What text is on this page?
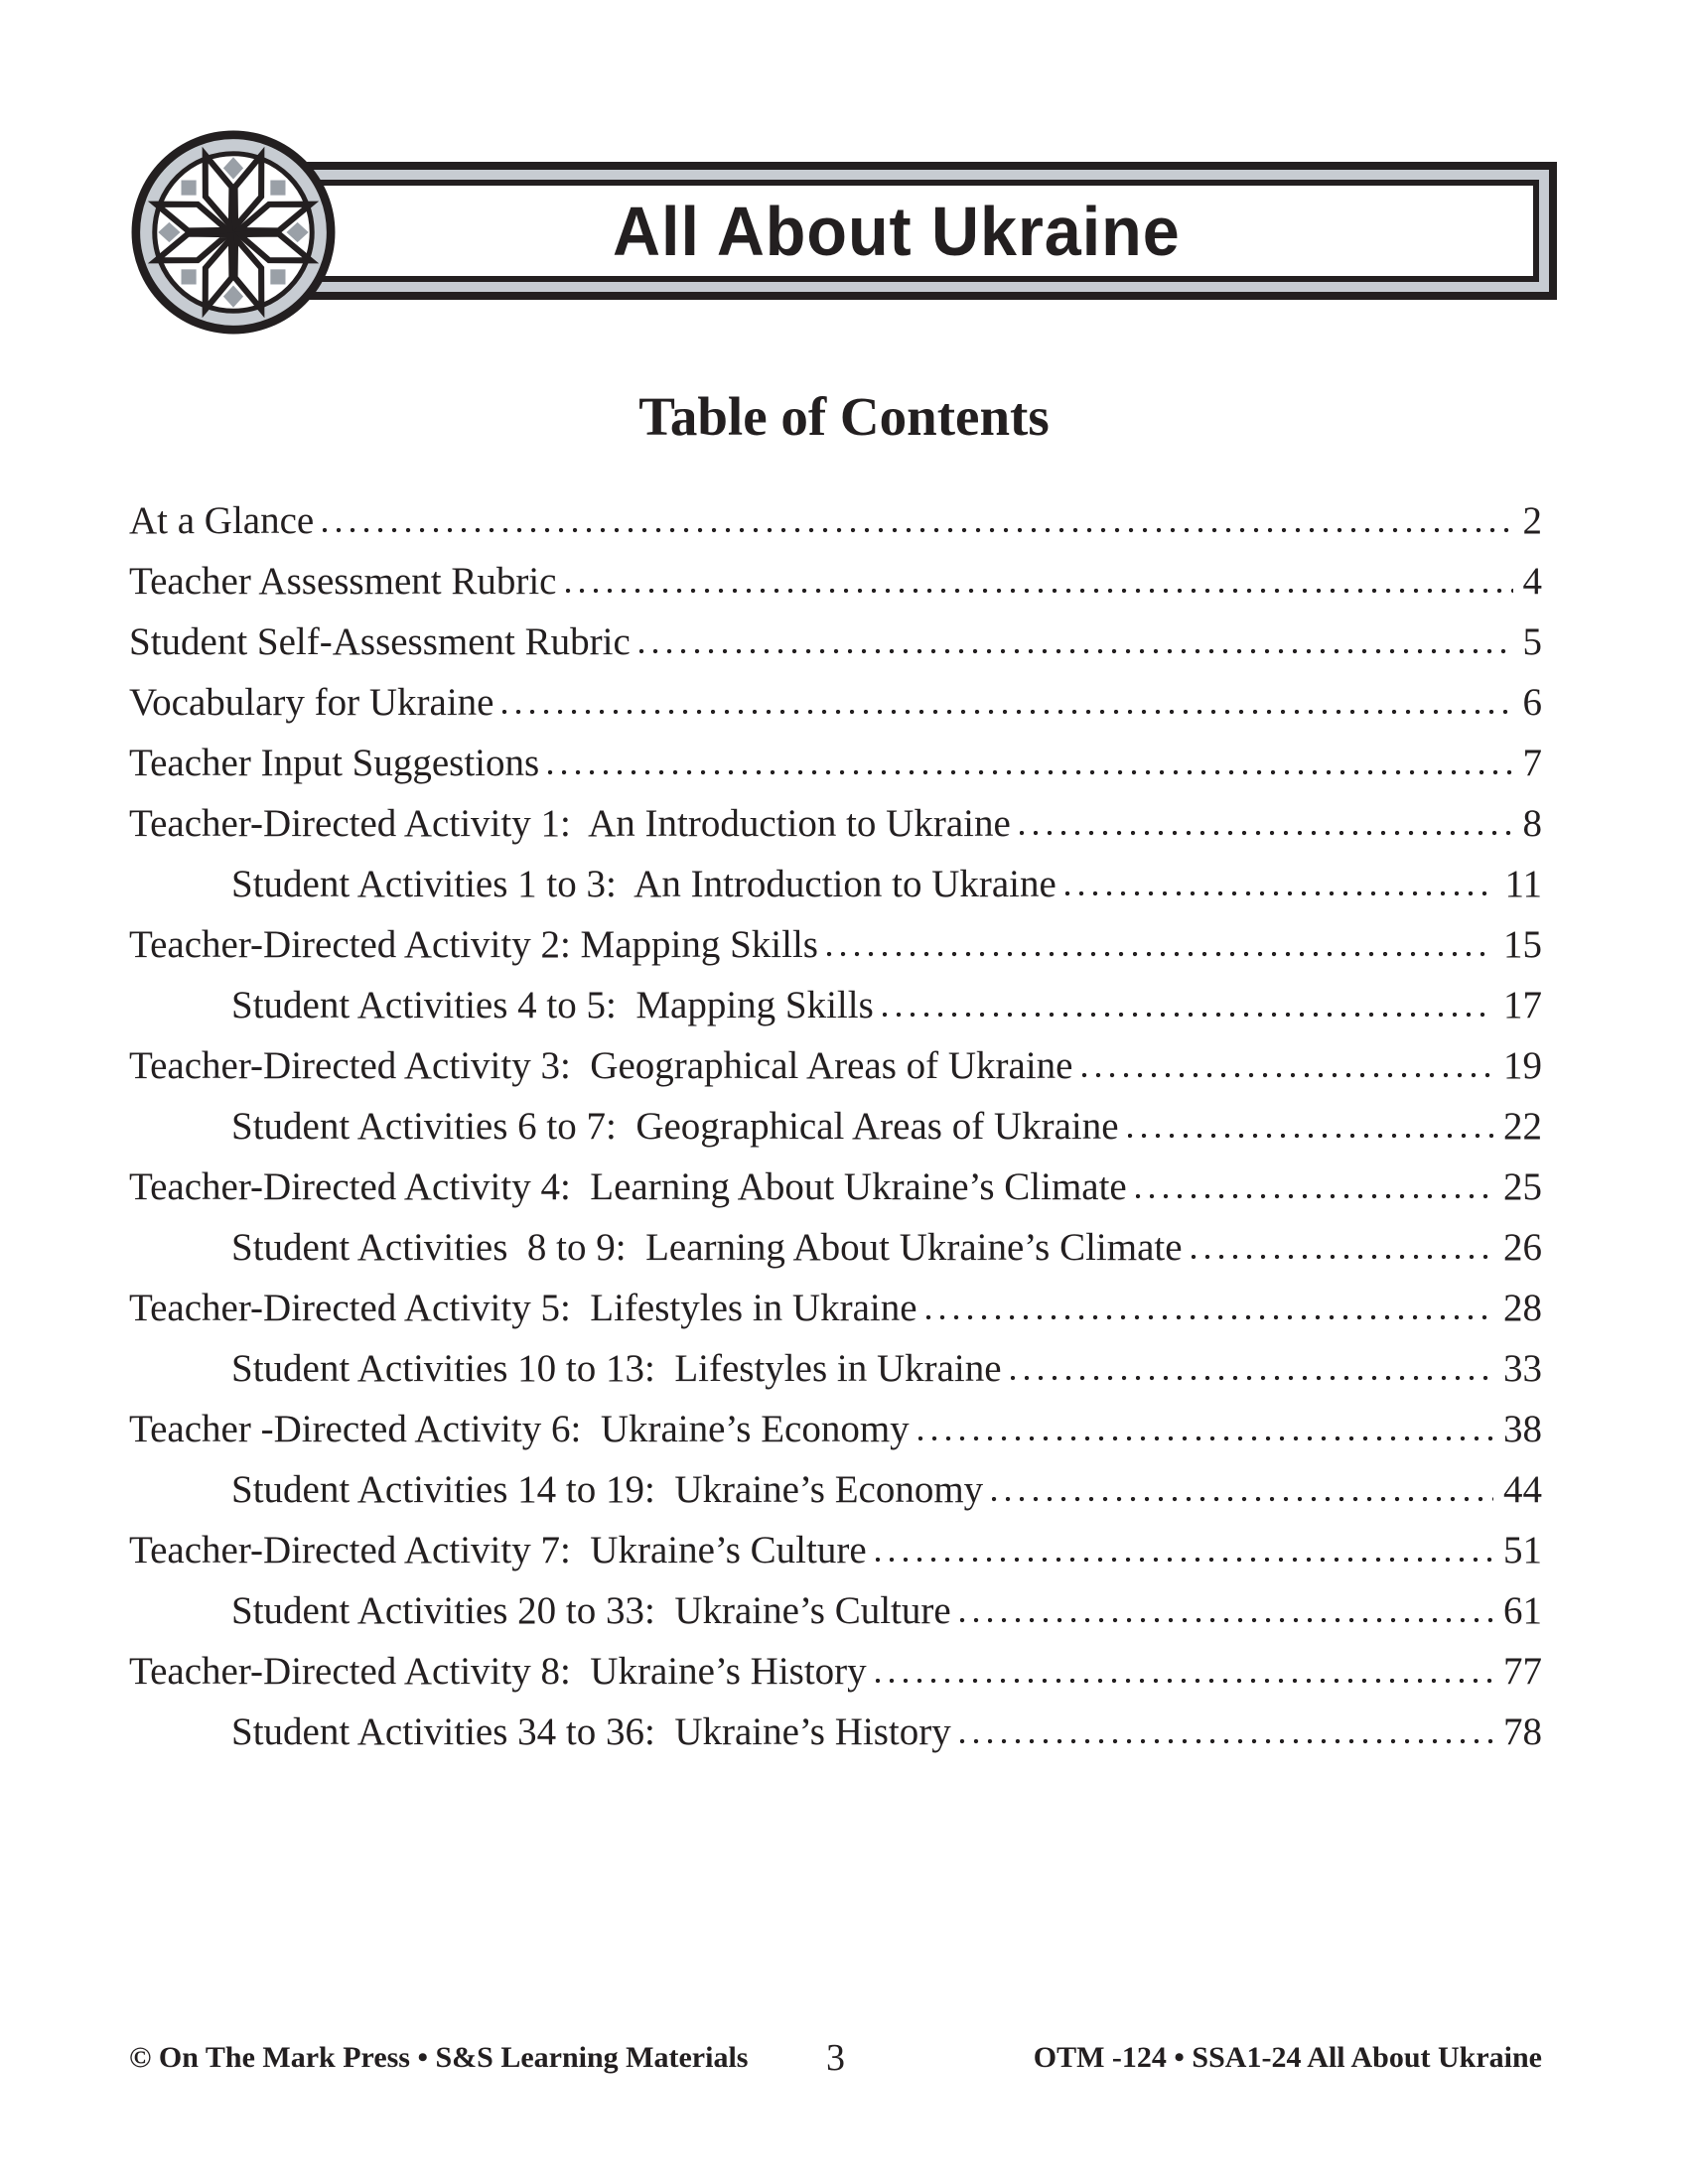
All About Ukraine
Table of Contents
At a Glance	2
Teacher Assessment Rubric	4
Student Self-Assessment Rubric	5
Vocabulary for Ukraine	6
Teacher Input Suggestions	7
Teacher-Directed Activity 1:  An Introduction to Ukraine	8
Student Activities 1 to 3:  An Introduction to Ukraine	11
Teacher-Directed Activity 2: Mapping Skills	15
Student Activities 4 to 5:  Mapping Skills	17
Teacher-Directed Activity 3:  Geographical Areas of Ukraine	19
Student Activities 6 to 7:  Geographical Areas of Ukraine	22
Teacher-Directed Activity 4:  Learning About Ukraine’s Climate	25
Student Activities  8 to 9:  Learning About Ukraine’s Climate	26
Teacher-Directed Activity 5:  Lifestyles in Ukraine	28
Student Activities 10 to 13:  Lifestyles in Ukraine	33
Teacher -Directed Activity 6:  Ukraine’s Economy	38
Student Activities 14 to 19:  Ukraine’s Economy	44
Teacher-Directed Activity 7:  Ukraine’s Culture	51
Student Activities 20 to 33:  Ukraine’s Culture	61
Teacher-Directed Activity 8:  Ukraine’s History	77
Student Activities 34 to 36:  Ukraine’s History	78
© On The Mark Press • S&S Learning Materials	3	OTM -124 • SSA1-24 All About Ukraine
